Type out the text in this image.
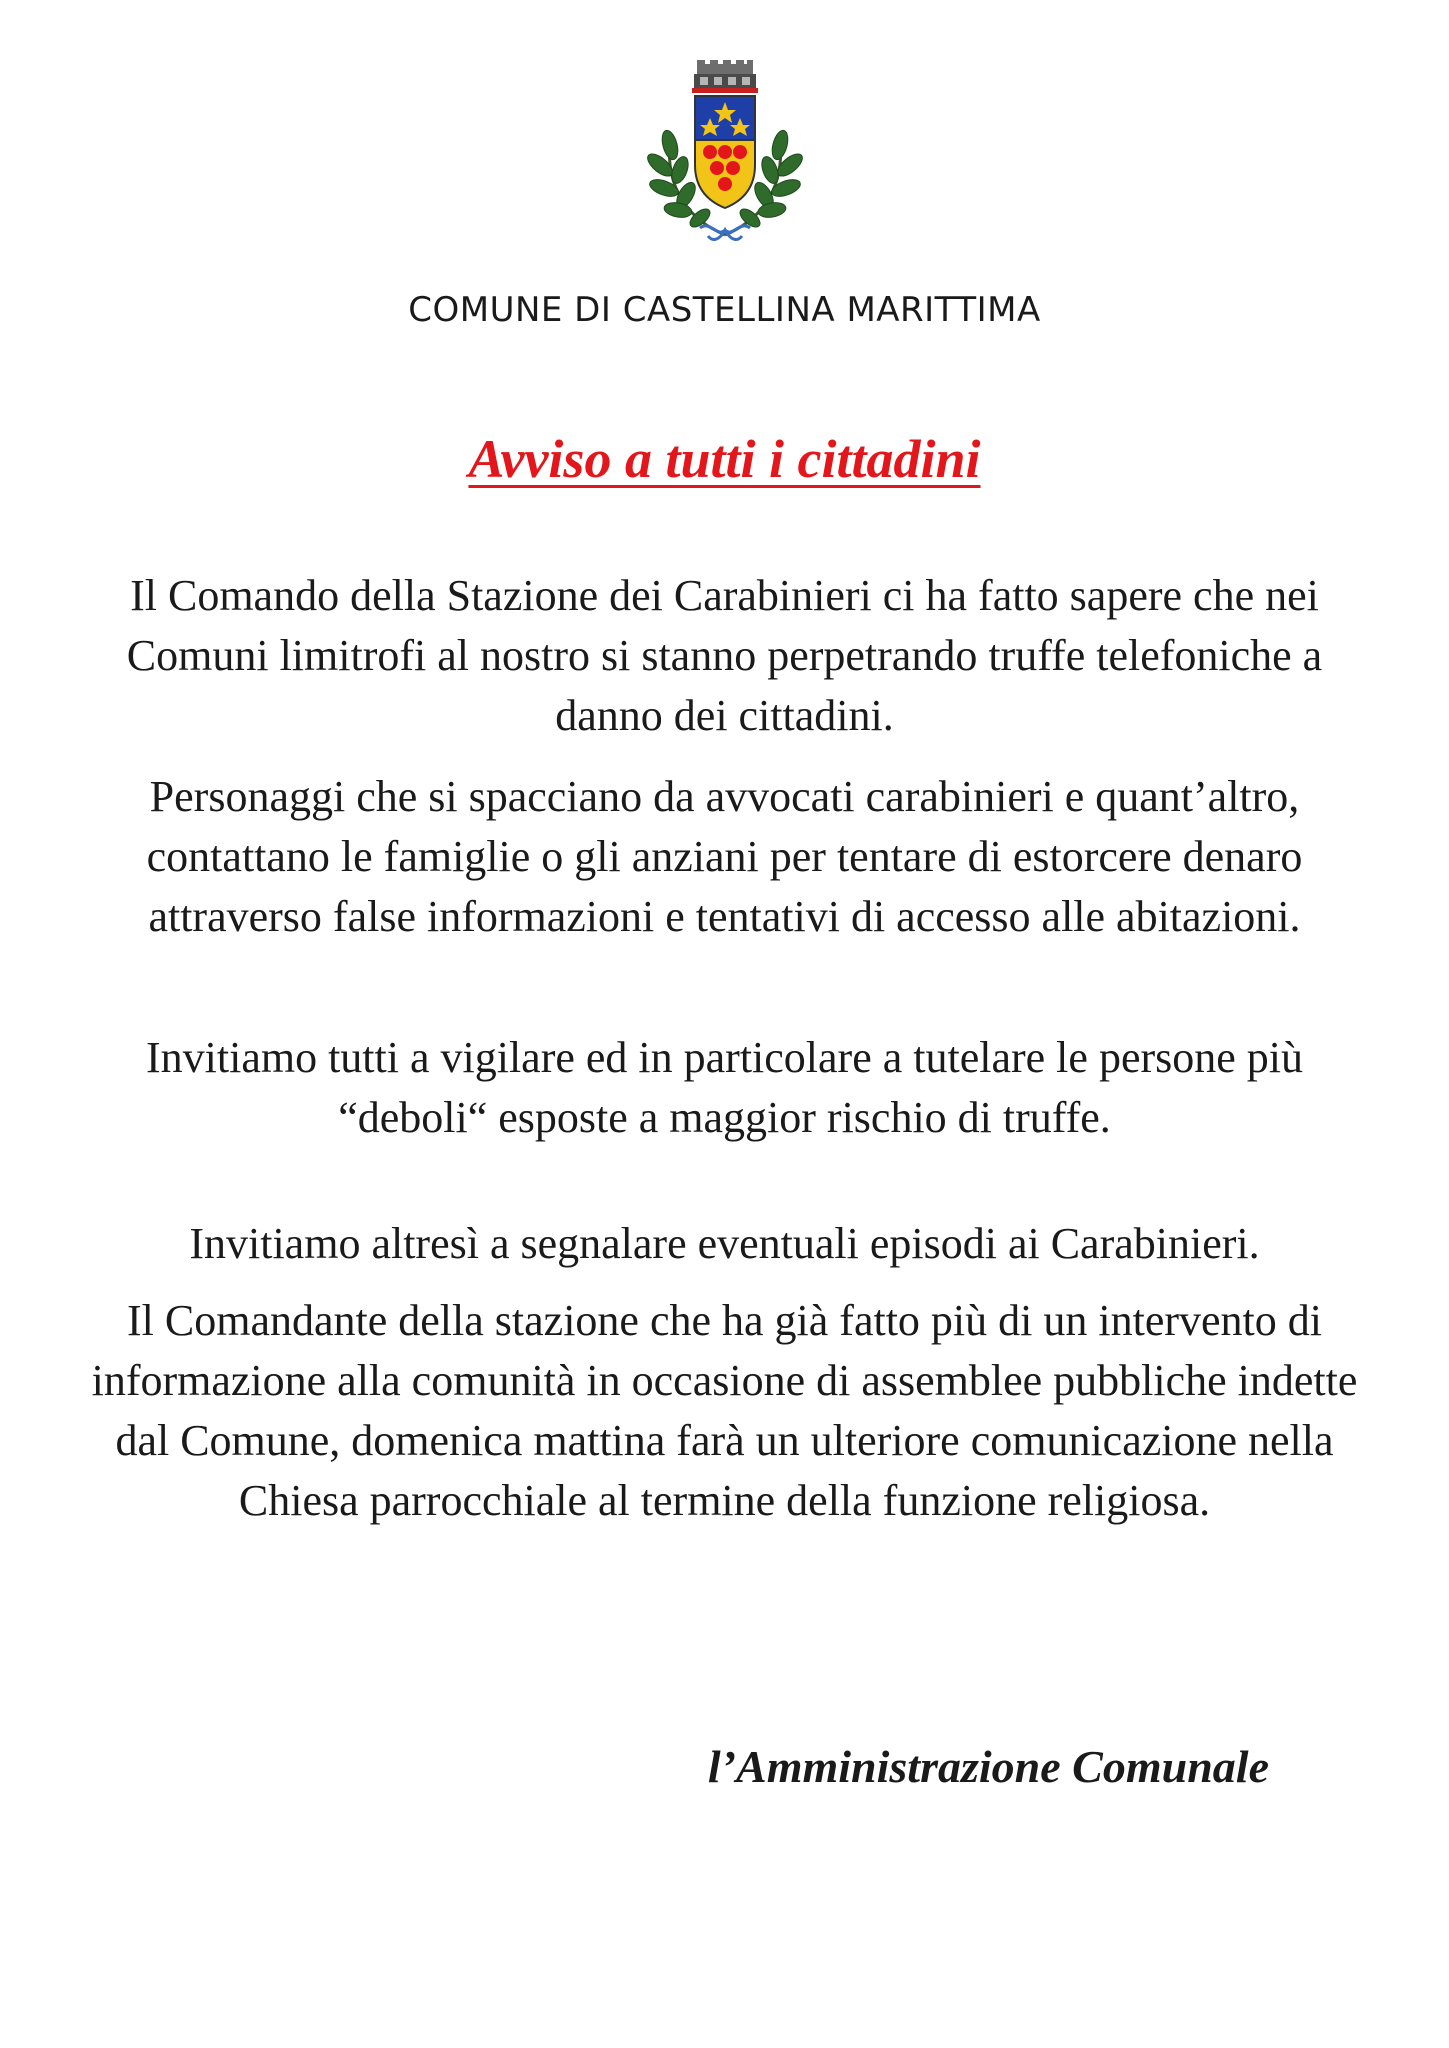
COMUNE DI CASTELLINA MARITTIMA
Avviso a tutti i cittadini

Il Comando della Stazione dei Carabinieri ci ha fatto sapere che nei Comuni limitrofi al nostro si stanno perpetrando truffe telefoniche a danno dei cittadini.

Personaggi che si spacciano da avvocati carabinieri e quant’altro, contattano le famiglie o gli anziani per tentare di estorcere denaro attraverso false informazioni e tentativi di accesso alle abitazioni.

Invitiamo tutti a vigilare ed in particolare a tutelare le persone più “deboli“ esposte a maggior rischio di truffe.

Invitiamo altresì a segnalare eventuali episodi ai Carabinieri.

Il Comandante della stazione che ha già fatto più di un intervento di informazione alla comunità in occasione di assemblee pubbliche indette dal Comune, domenica mattina farà un ulteriore comunicazione nella Chiesa parrocchiale al termine della funzione religiosa.

l’Amministrazione Comunale
